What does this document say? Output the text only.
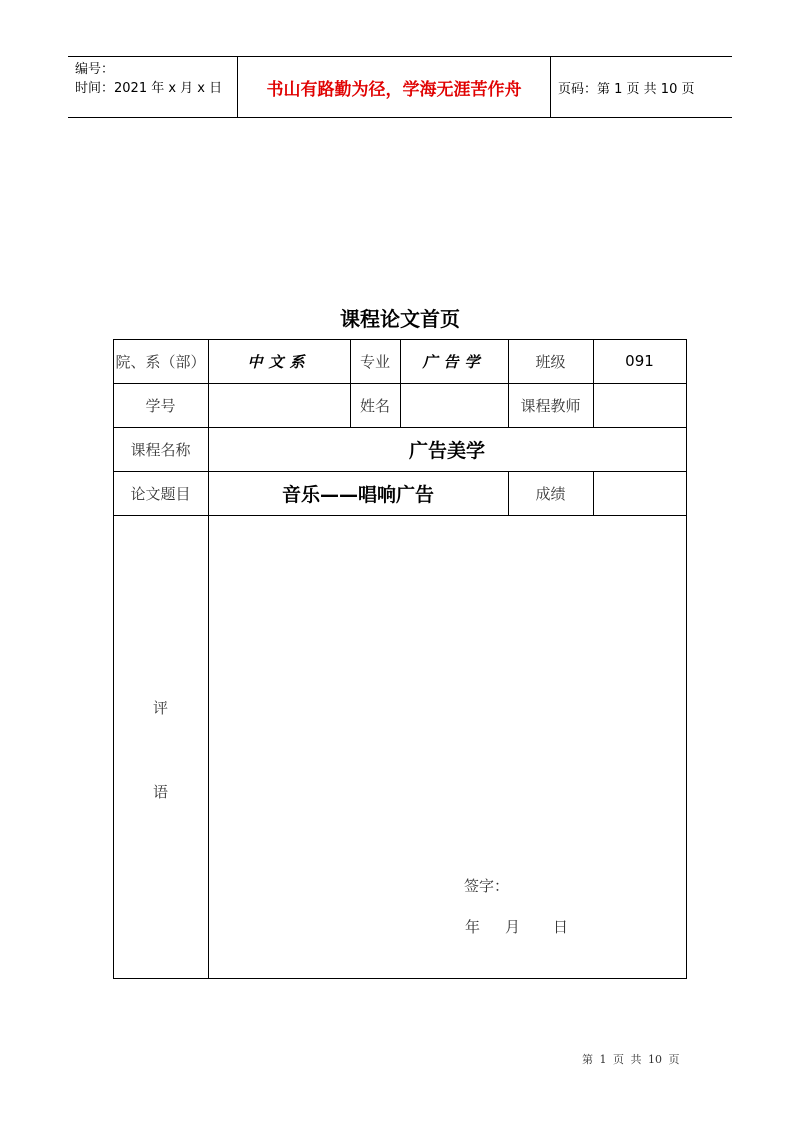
编号：
时间：2021 年 x 月 x 日	书山有路勤为径，学海无涯苦作舟	页码：第 1 页 共 10 页
课程论文首页
院、系（部）	中文系	专业	广告学	班级	091
学号	姓名	课程教师
课程名称	广告美学
论文题目	音乐——唱响广告	成绩
评
语
签字：
年 月 日
第 1 页 共 10 页
